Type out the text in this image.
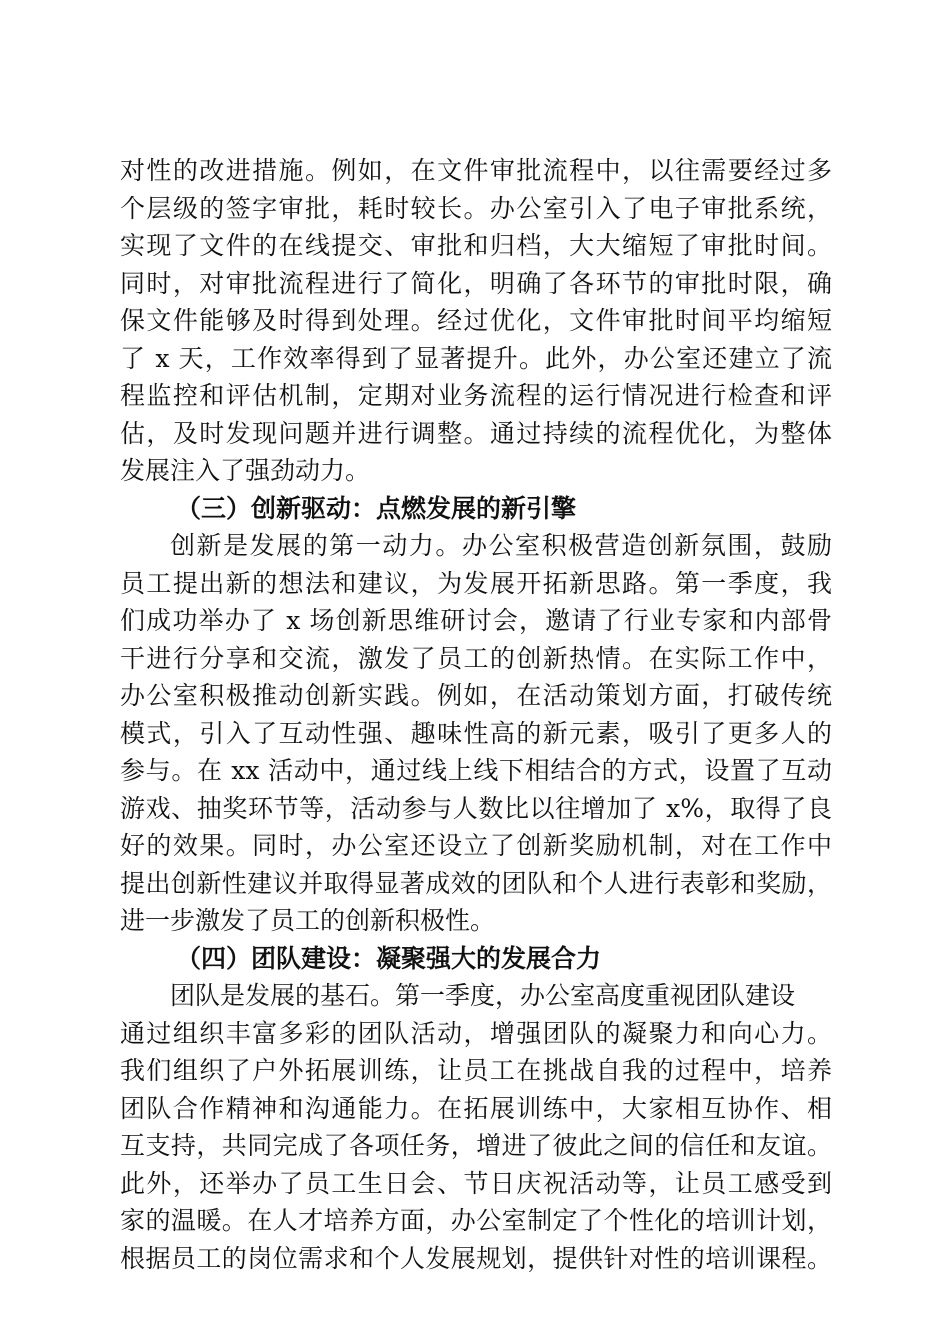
对性的改进措施。例如，在文件审批流程中，以往需要经过多
个层级的签字审批，耗时较长。办公室引入了电子审批系统，
实现了文件的在线提交、审批和归档，大大缩短了审批时间。
同时，对审批流程进行了简化，明确了各环节的审批时限，确
保文件能够及时得到处理。经过优化，文件审批时间平均缩短
了 x 天，工作效率得到了显著提升。此外，办公室还建立了流
程监控和评估机制，定期对业务流程的运行情况进行检查和评
估，及时发现问题并进行调整。通过持续的流程优化，为整体
发展注入了强劲动力。
（三）创新驱动：点燃发展的新引擎
创新是发展的第一动力。办公室积极营造创新氛围，鼓励
员工提出新的想法和建议，为发展开拓新思路。第一季度，我
们成功举办了 x 场创新思维研讨会，邀请了行业专家和内部骨
干进行分享和交流，激发了员工的创新热情。在实际工作中，
办公室积极推动创新实践。例如，在活动策划方面，打破传统
模式，引入了互动性强、趣味性高的新元素，吸引了更多人的
参与。在 xx 活动中，通过线上线下相结合的方式，设置了互动
游戏、抽奖环节等，活动参与人数比以往增加了 x%，取得了良
好的效果。同时，办公室还设立了创新奖励机制，对在工作中
提出创新性建议并取得显著成效的团队和个人进行表彰和奖励，
进一步激发了员工的创新积极性。
（四）团队建设：凝聚强大的发展合力
团队是发展的基石。第一季度，办公室高度重视团队建设
通过组织丰富多彩的团队活动，增强团队的凝聚力和向心力。
我们组织了户外拓展训练，让员工在挑战自我的过程中，培养
团队合作精神和沟通能力。在拓展训练中，大家相互协作、相
互支持，共同完成了各项任务，增进了彼此之间的信任和友谊。
此外，还举办了员工生日会、节日庆祝活动等，让员工感受到
家的温暖。在人才培养方面，办公室制定了个性化的培训计划，
根据员工的岗位需求和个人发展规划，提供针对性的培训课程。
